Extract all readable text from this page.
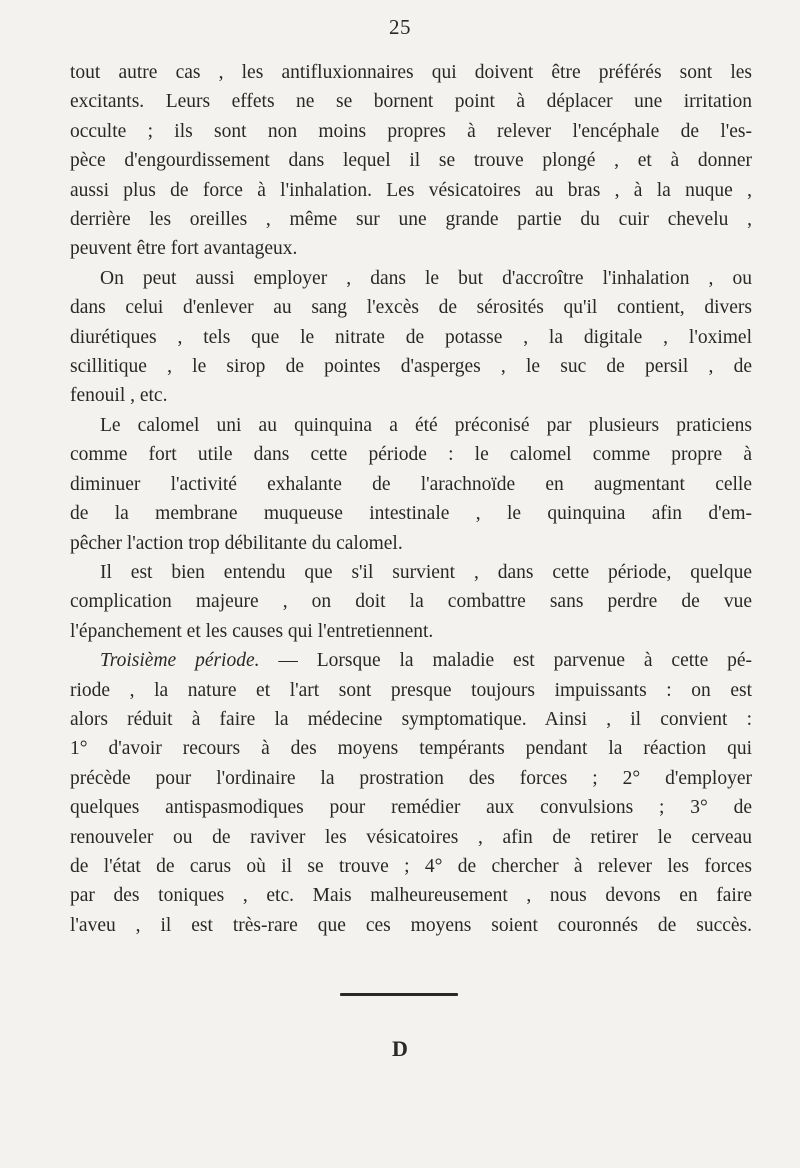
25

tout autre cas , les antifluxionnaires qui doivent être préférés sont les
excitants. Leurs effets ne se bornent point à déplacer une irritation
occulte ; ils sont non moins propres à relever l'encéphale de l'es-
pèce d'engourdissement dans lequel il se trouve plongé , et à donner
aussi plus de force à l'inhalation. Les vésicatoires au bras , à la nuque ,
derrière les oreilles , même sur une grande partie du cuir chevelu ,
peuvent être fort avantageux.

On peut aussi employer , dans le but d'accroître l'inhalation , ou
dans celui d'enlever au sang l'excès de sérosités qu'il contient, divers
diurétiques , tels que le nitrate de potasse , la digitale , l'oximel
scillitique , le sirop de pointes d'asperges , le suc de persil , de
fenouil , etc.

Le calomel uni au quinquina a été préconisé par plusieurs praticiens
comme fort utile dans cette période : le calomel comme propre à
diminuer l'activité exhalante de l'arachnoïde en augmentant celle
de la membrane muqueuse intestinale , le quinquina afin d'em-
pêcher l'action trop débilitante du calomel.

Il est bien entendu que s'il survient , dans cette période, quelque
complication majeure , on doit la combattre sans perdre de vue
l'épanchement et les causes qui l'entretiennent.

Troisième période. — Lorsque la maladie est parvenue à cette pé-
riode , la nature et l'art sont presque toujours impuissants : on est
alors réduit à faire la médecine symptomatique. Ainsi , il convient :
1° d'avoir recours à des moyens tempérants pendant la réaction qui
précède pour l'ordinaire la prostration des forces ; 2° d'employer
quelques antispasmodiques pour remédier aux convulsions ; 3° de
renouveler ou de raviver les vésicatoires , afin de retirer le cerveau
de l'état de carus où il se trouve ; 4° de chercher à relever les forces
par des toniques , etc. Mais malheureusement , nous devons en faire
l'aveu , il est très-rare que ces moyens soient couronnés de succès.

D
